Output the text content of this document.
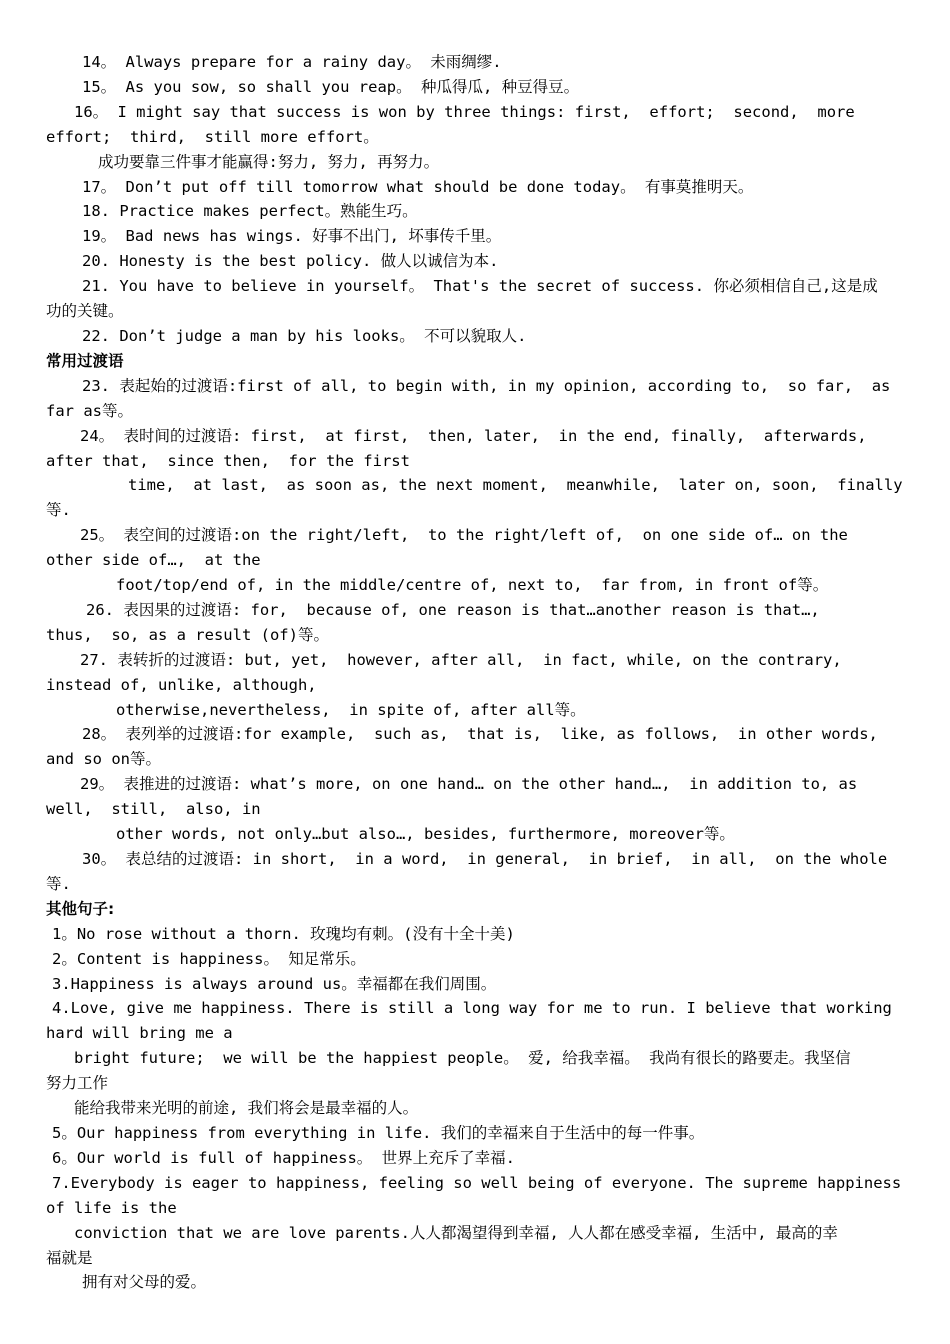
14。 Always prepare for a rainy day。 未雨绸缪.
15。 As you sow, so shall you reap。 种瓜得瓜, 种豆得豆。
16。 I might say that success is won by three things: first,  effort;  second,  more
effort;  third,  still more effort。
成功要靠三件事才能赢得:努力, 努力, 再努力。
17。 Don’t put off till tomorrow what should be done today。 有事莫推明天。
18. Practice makes perfect。熟能生巧。
19。 Bad news has wings. 好事不出门, 坏事传千里。
20. Honesty is the best policy. 做人以诚信为本.
21. You have to believe in yourself。 That's the secret of success. 你必须相信自己,这是成
功的关键。
22. Don’t judge a man by his looks。 不可以貌取人.
常用过渡语
23. 表起始的过渡语:first of all, to begin with, in my opinion, according to,  so far,  as
far as等。
24。 表时间的过渡语: first,  at first,  then, later,  in the end, finally,  afterwards,
after that,  since then,  for the first
time,  at last,  as soon as, the next moment,  meanwhile,  later on, soon,  finally
等.
25。 表空间的过渡语:on the right/left,  to the right/left of,  on one side of… on the
other side of…,  at the
foot/top/end of, in the middle/centre of, next to,  far from, in front of等。
26. 表因果的过渡语: for,  because of, one reason is that…another reason is that…,
thus,  so, as a result (of)等。
27. 表转折的过渡语: but, yet,  however, after all,  in fact, while, on the contrary,
instead of, unlike, although,
otherwise,nevertheless,  in spite of, after all等。
28。 表列举的过渡语:for example,  such as,  that is,  like, as follows,  in other words,
and so on等。
29。 表推进的过渡语: what’s more, on one hand… on the other hand…,  in addition to, as
well,  still,  also, in
other words, not only…but also…, besides, furthermore, moreover等。
30。 表总结的过渡语: in short,  in a word,  in general,  in brief,  in all,  on the whole
等.
其他句子:
1。No rose without a thorn. 玫瑰均有刺。(没有十全十美)
2。Content is happiness。 知足常乐。
3.Happiness is always around us。幸福都在我们周围。
4.Love, give me happiness. There is still a long way for me to run. I believe that working
hard will bring me a
bright future;  we will be the happiest people。 爱, 给我幸福。 我尚有很长的路要走。我坚信
努力工作
能给我带来光明的前途, 我们将会是最幸福的人。
5。Our happiness from everything in life. 我们的幸福来自于生活中的每一件事。
6。Our world is full of happiness。 世界上充斥了幸福.
7.Everybody is eager to happiness, feeling so well being of everyone. The supreme happiness
of life is the
conviction that we are love parents.人人都渴望得到幸福, 人人都在感受幸福, 生活中, 最高的幸
福就是
拥有对父母的爱。
